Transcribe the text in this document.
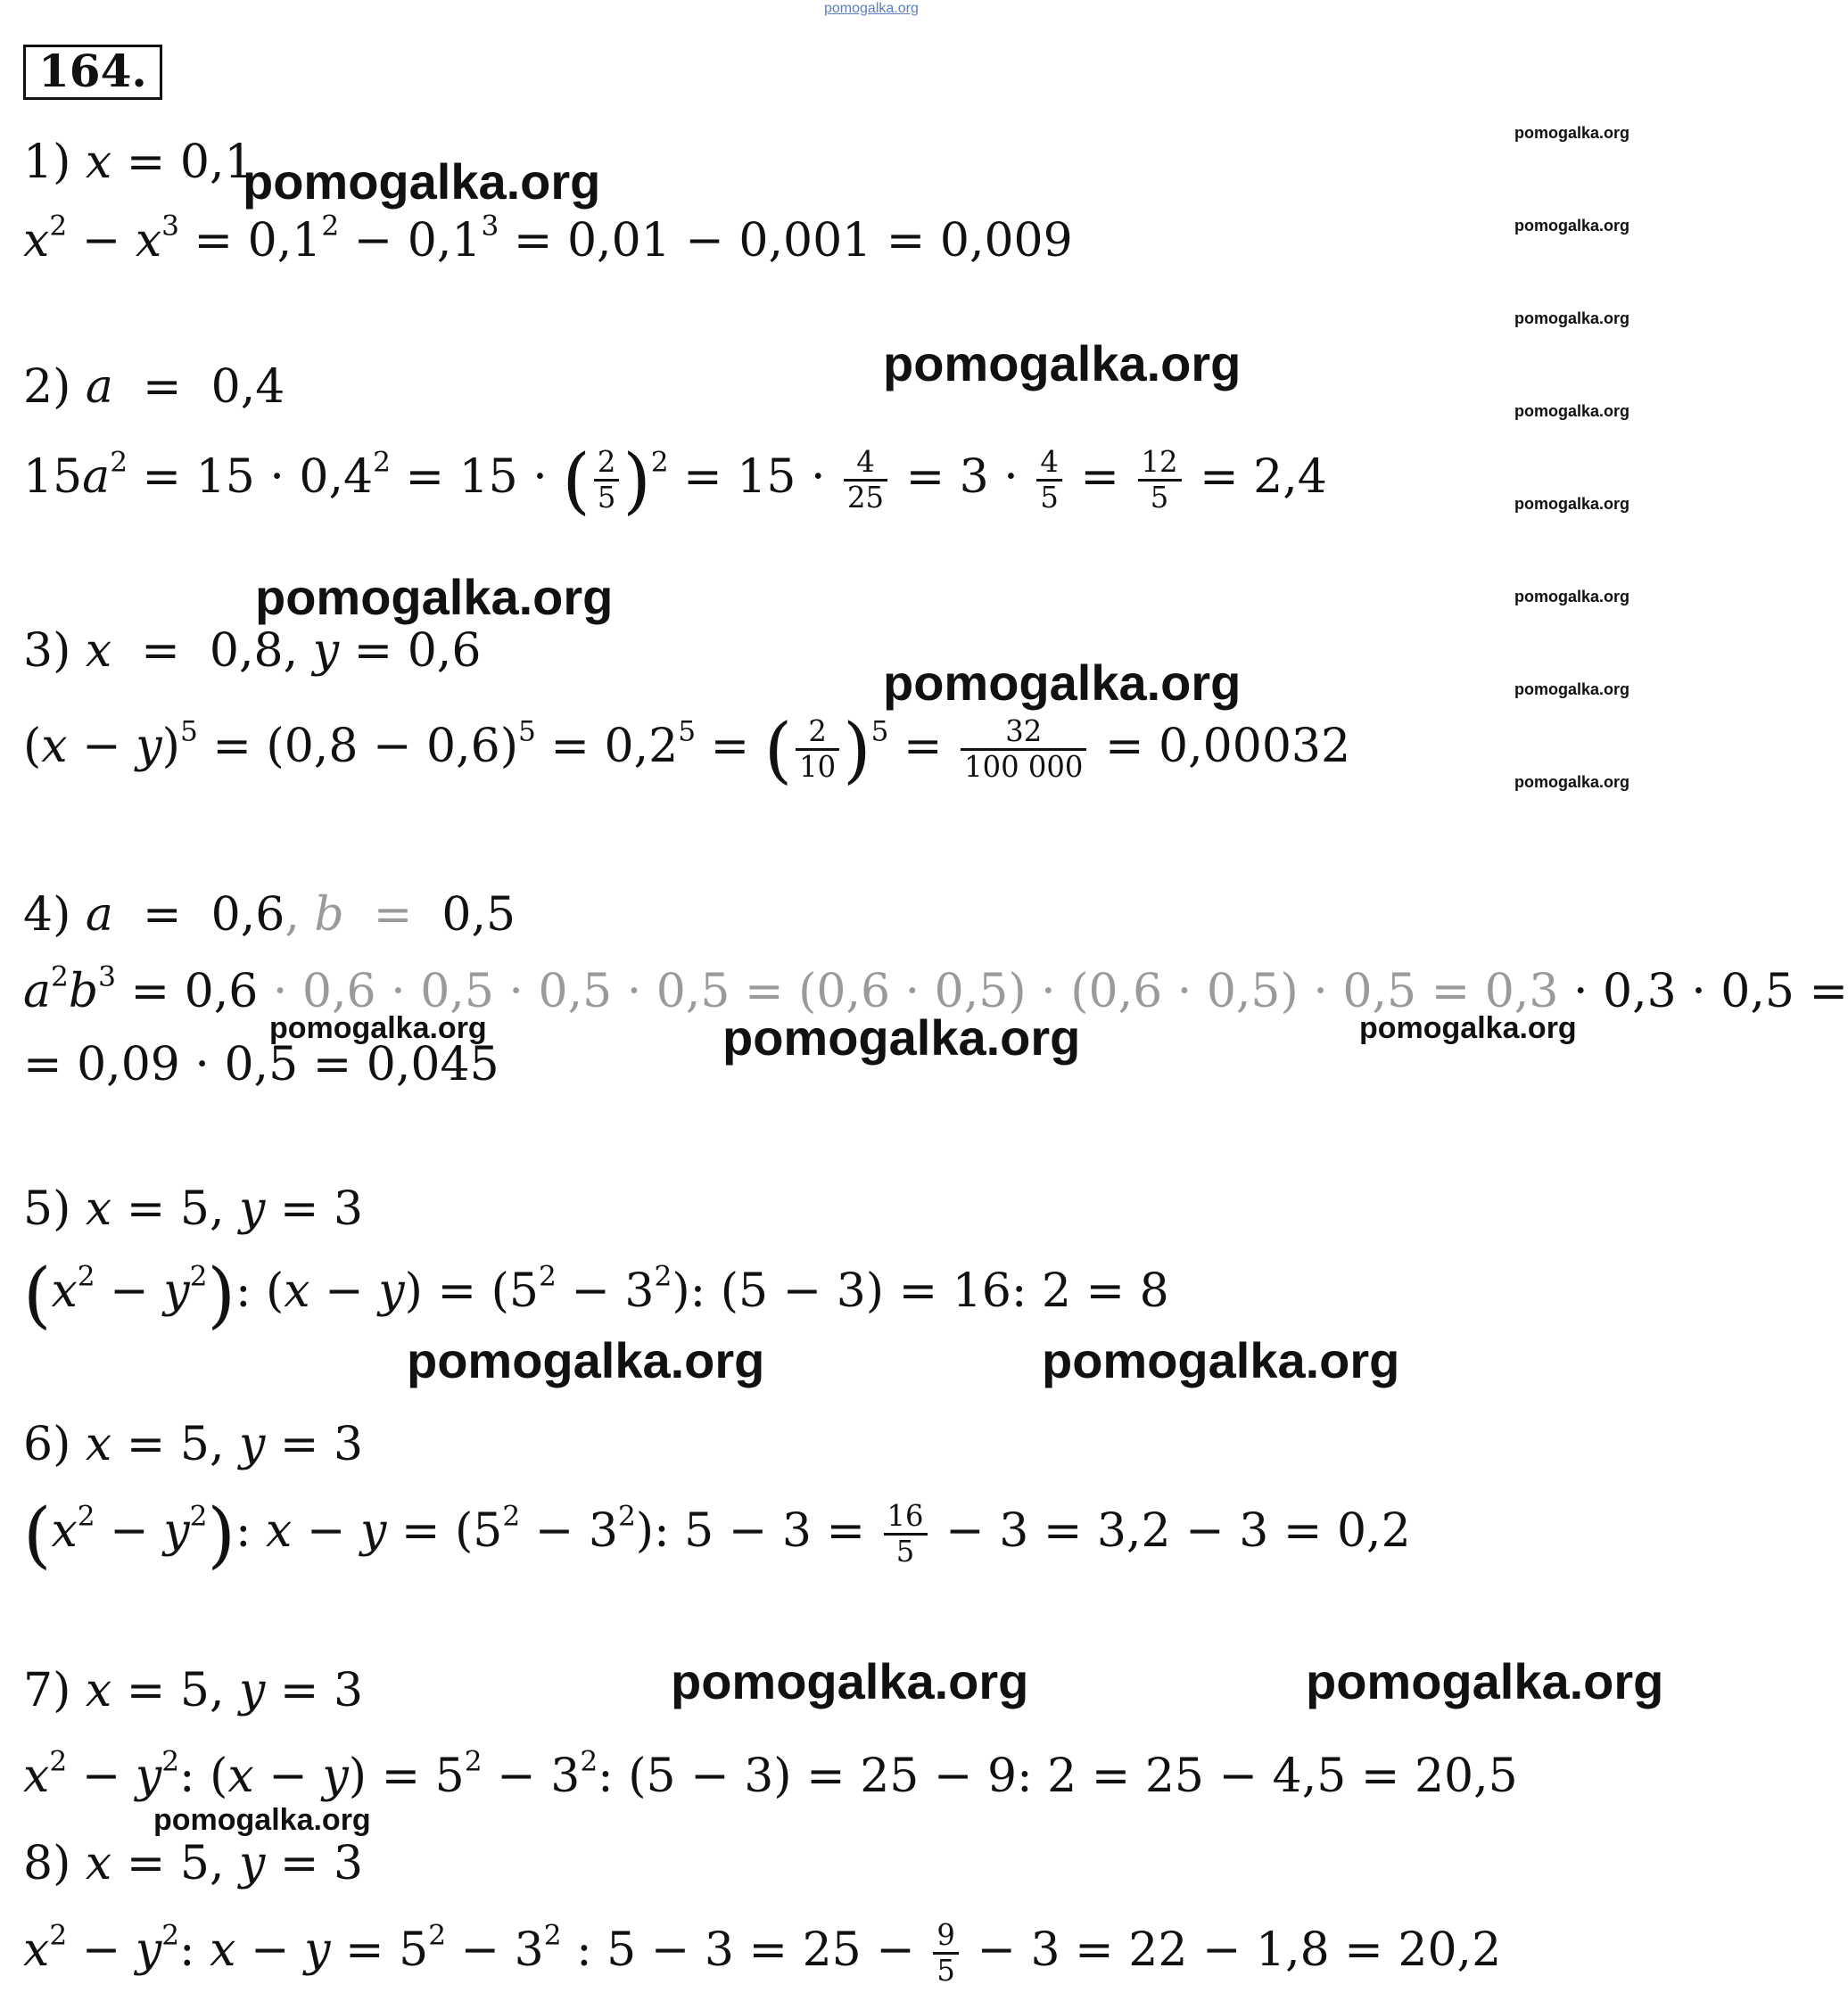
pomogalka.org
164.
pomogalka.org
pomogalka.org
pomogalka.org
pomogalka.org
pomogalka.org
pomogalka.org
pomogalka.org
pomogalka.org
1) x = 0,1
$x^2 - x^3 = 0,1^2 - 0,1^3 = 0,01 - 0,001 = 0,009$
pomogalka.org
pomogalka.org
2) a  =  0,4
$15a^2 = 15 \cdot 0,4^2 = 15$ · ( $\frac{2}{5} )^2 = 15 \cdot \frac{4}{25} = 3 \cdot \frac{4}{5} = \frac{12}{5} = 2,4$
pomogalka.org
3) x  =  0,8, y = 0,6
pomogalka.org
$(x - y)^5 = (0,8 - 0,6)^5 = 0,2^5$ = ( $\frac{2}{10} )^5 = \frac{32}{100 000} = 0,00032$
4) a  =  0,6, b  =  0,5
$a^2b^3 = 0,6 \cdot 0,6 \cdot 0,5 \cdot 0,5 \cdot 0,5 = (0,6 \cdot 0,5) \cdot (0,6 \cdot 0,5) \cdot 0,5 = 0,3 \cdot 0,3 \cdot 0,5$ =
= 0,09 · 0,5 = 0,045
pomogalka.org	pomogalka.org	pomogalka.org
5) x = 5, y = 3
$(x^2 - y^2)$: $(x - y) = (5^2 - 3^2)$: (5 − 3) = 16: 2 = 8
pomogalka.org	pomogalka.org
6) x = 5, y = 3
$(x^2 - y^2)$: $x - y = (5^2 - 3^2)$: $5 - 3 = \frac{16}{5} - 3 = 3,2 - 3 = 0,2$
pomogalka.org	pomogalka.org
7) x = 5, y = 3
$x^2 - y^2$: $(x - y) = 5^2 - 3^2$: (5 − 3) = 25 − 9: 2 = 25 − 4,5 = 20,5
pomogalka.org
8) x = 5, y = 3
$x^2 - y^2$: $x - y = 5^2 - 3^2$ : $5 - 3 = 25 - \frac{9}{5} - 3 = 22 - 1,8 = 20,2$
